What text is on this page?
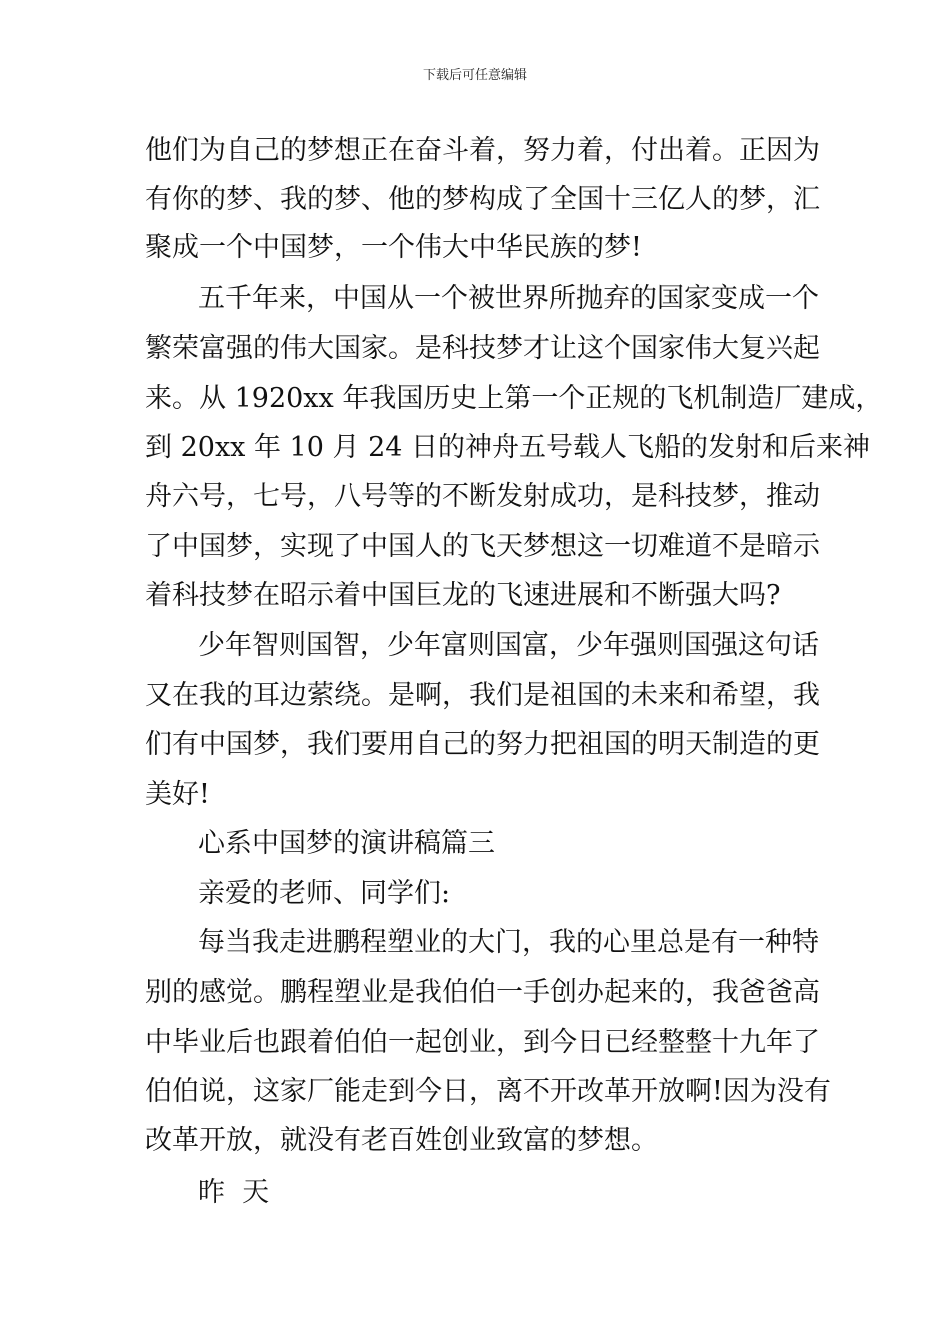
下载后可任意编辑
他们为自己的梦想正在奋斗着，努力着，付出着。正因为
有你的梦、我的梦、他的梦构成了全国十三亿人的梦，汇
聚成一个中国梦，一个伟大中华民族的梦!
五千年来，中国从一个被世界所抛弃的国家变成一个
繁荣富强的伟大国家。是科技梦才让这个国家伟大复兴起
来。从 1920xx 年我国历史上第一个正规的飞机制造厂建成，
到 20xx 年 10 月 24 日的神舟五号载人飞船的发射和后来神
舟六号，七号，八号等的不断发射成功，是科技梦，推动
了中国梦，实现了中国人的飞天梦想这一切难道不是暗示
着科技梦在昭示着中国巨龙的飞速进展和不断强大吗?
少年智则国智，少年富则国富，少年强则国强这句话
又在我的耳边萦绕。是啊，我们是祖国的未来和希望，我
们有中国梦，我们要用自己的努力把祖国的明天制造的更
美好!
心系中国梦的演讲稿篇三
亲爱的老师、同学们:
每当我走进鹏程塑业的大门，我的心里总是有一种特
别的感觉。鹏程塑业是我伯伯一手创办起来的，我爸爸高
中毕业后也跟着伯伯一起创业，到今日已经整整十九年了
伯伯说，这家厂能走到今日，离不开改革开放啊!因为没有
改革开放，就没有老百姓创业致富的梦想。
昨  天
